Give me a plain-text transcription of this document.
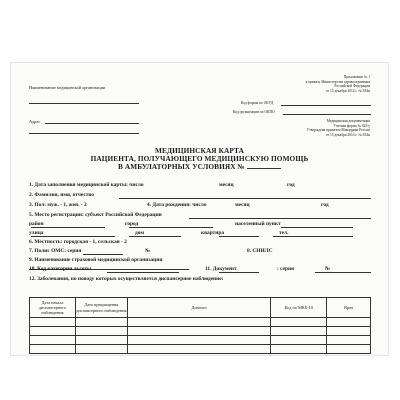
Наименование медицинской организации
Адрес
Приложение № 1
к приказу Министерства здравоохранения
Российской Федерации
от 15 декабря 2014 г. № 834н
Код формы по ОКУД
Код организации по ОКПО
Медицинская документация
Учетная форма № 025/у
Утверждена приказом Минздрава России
от 15 декабря 2014 г. № 834н
МЕДИЦИНСКАЯ КАРТА
ПАЦИЕНТА, ПОЛУЧАЮЩЕГО МЕДИЦИНСКУЮ ПОМОЩЬ
В АМБУЛАТОРНЫХ УСЛОВИЯХ №
1. Дата заполнения медицинской карты: число	месяц	год
2. Фамилия, имя, отчество
3. Пол: муж. - 1, жен. - 2	4. Дата рождения: число	месяц	год
5. Место регистрации: субъект Российской Федерации
район	город	населенный пункт
улица	дом	квартира	тел.
6. Местность: городская - 1, сельская - 2
7. Полис ОМС: серия	№	8. СНИЛС
9. Наименование страховой медицинской организации
10. Код категории льготы	11. Документ	: серия	№
12. Заболевания, по поводу которых осуществляется диспансерное наблюдение:
Дата начала диспансерного наблюдения	Дата прекращения диспансерного наблюдения	Диагноз	Код по МКБ-10	Врач
